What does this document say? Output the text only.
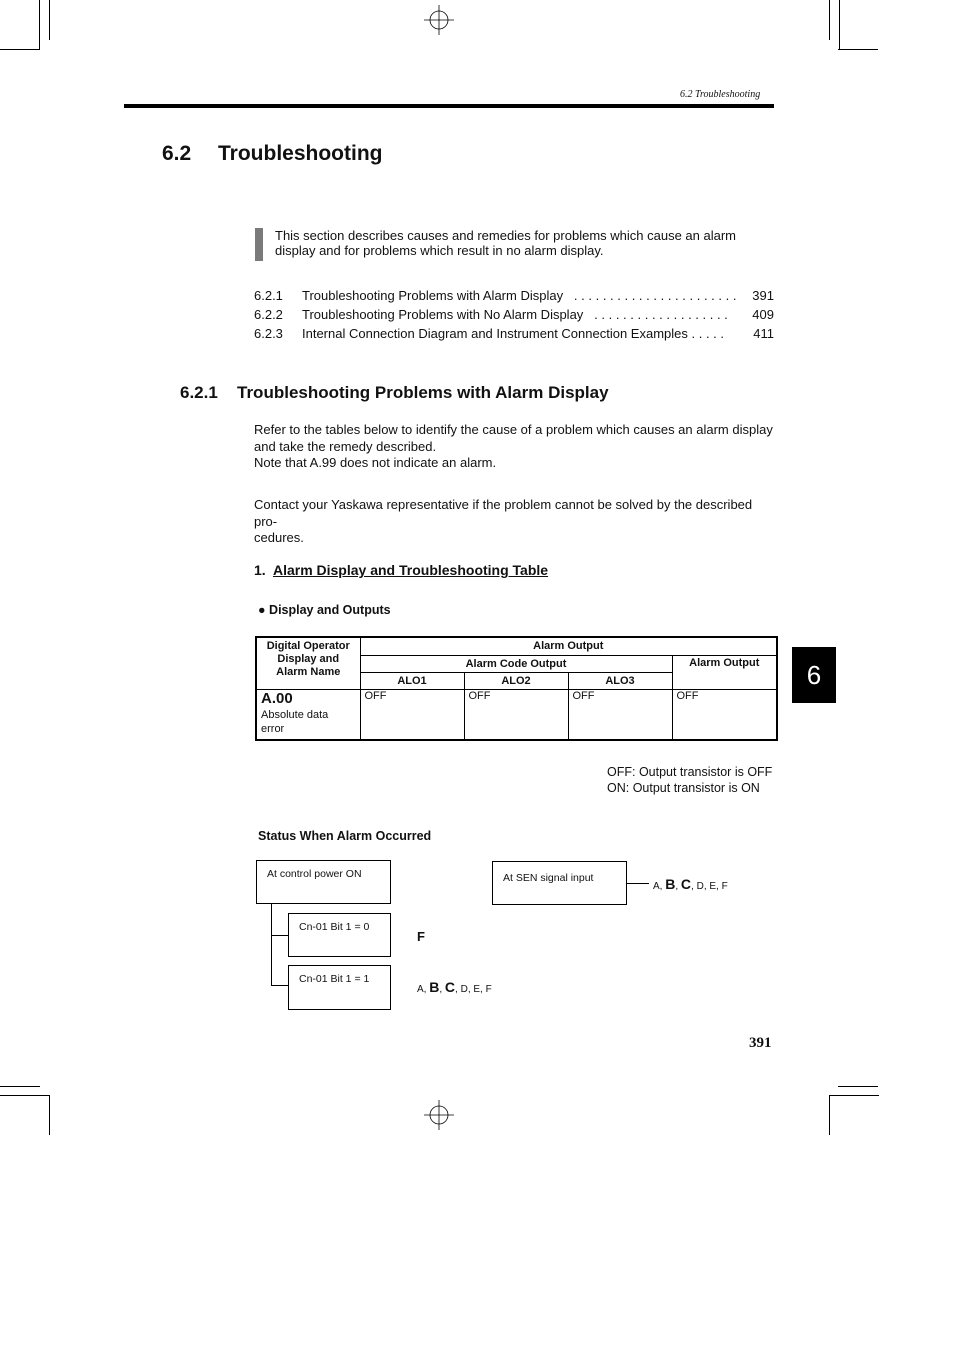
6.2 Troubleshooting
6.2 Troubleshooting
This section describes causes and remedies for problems which cause an alarm display and for problems which result in no alarm display.
6.2.1 Troubleshooting Problems with Alarm Display . . . . . . . . . . . . . . . . . . . . . . . 391
6.2.2 Troubleshooting Problems with No Alarm Display . . . . . . . . . . . . . . . . . . . 409
6.2.3 Internal Connection Diagram and Instrument Connection Examples . . . . . 411
6.2.1 Troubleshooting Problems with Alarm Display
Refer to the tables below to identify the cause of a problem which causes an alarm display
and take the remedy described.
Note that A.99 does not indicate an alarm.
Contact your Yaskawa representative if the problem cannot be solved by the described pro-
cedures.
1. Alarm Display and Troubleshooting Table
● Display and Outputs
Digital Operator
Display and
Alarm Name	Alarm Output			
	Alarm Code Output			Alarm Output
	ALO1	ALO2	ALO3	

A.00
Absolute data
error	OFF	OFF	OFF	OFF
OFF: Output transistor is OFF
ON: Output transistor is ON
Status When Alarm Occurred
At control power ON
Cn-01 Bit 1 = 0
Cn-01 Bit 1 = 1
At SEN signal input
F
A, B, C, D, E, F
A, B, C, D, E, F
6
391
